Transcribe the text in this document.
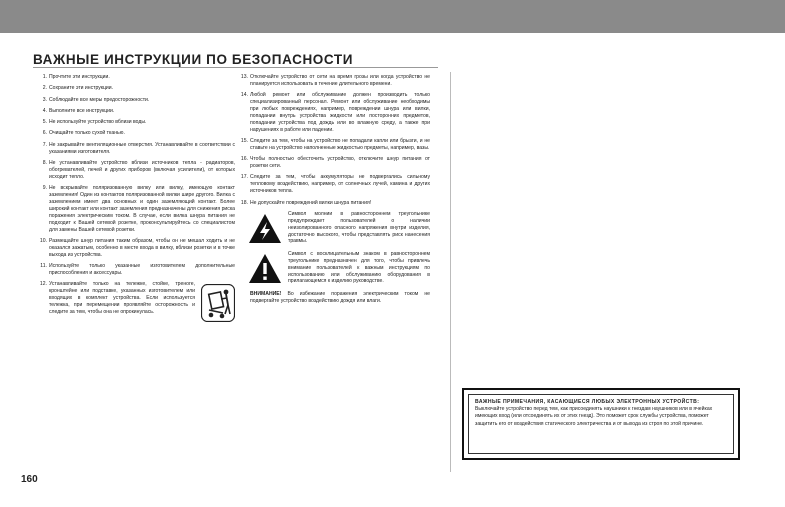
ВАЖНЫЕ ИНСТРУКЦИИ ПО БЕЗОПАСНОСТИ
1. Прочтите эти инструкции.
2. Сохраните эти инструкции.
3. Соблюдайте все меры предосторожности.
4. Выполните все инструкции.
5. Не используйте устройство вблизи воды.
6. Очищайте только сухой тканью.
7. Не закрывайте вентиляционные отверстия. Устанавливайте в соответствии с указаниями изготовителя.
8. Не устанавливайте устройство вблизи источников тепла - радиаторов, обогревателей, печей и других приборов (включая усилители), от которых исходит тепло.
9. Не вскрывайте поляризованную вилку или вилку, имеющую контакт заземления! Один из контактов поляризованной вилки шире другого. Вилка с заземлением имеет два основных и один заземляющий контакт. Более широкий контакт или контакт заземления предназначены для снижения риска поражения электрическим током. В случае, если вилка шнура питания не подходит к Вашей сетевой розетке, проконсультируйтесь со специалистом для замены Вашей сетевой розетки.
10. Размещайте шнур питания таким образом, чтобы он не мешал ходить и не оказался зажатым, особенно в месте входа в вилку, вблизи розетки и в точке выхода из устройства.
11. Используйте только указанные изготовителем дополнительные приспособления и аксессуары.
12. Устанавливайте только на тележке, стойке, треноге, кронштейне или подставке, указанных изготовителем или входящих в комплект устройства. Если используется тележка, при перемещении проявляйте осторожность и следите за тем, чтобы она не опрокинулась.
13. Отключайте устройство от сети на время грозы или когда устройство не планируется использовать в течение длительного времени.
14. Любой ремонт или обслуживание должен производить только специализированный персонал. Ремонт или обслуживание необходимы при любых повреждениях, например, повреждении шнура или вилки, попадании внутрь устройства жидкости или посторонних предметов, попадании устройства под дождь или во влажную среду, а также при нарушениях в работе или падении.
15. Следите за тем, чтобы на устройство не попадали капли или брызги, и не ставьте на устройство наполненные жидкостью предметы, например, вазы.
16. Чтобы полностью обесточить устройство, отключите шнур питания от розетки сети.
17. Следите за тем, чтобы аккумуляторы не подвергались сильному тепловому воздействию, например, от солнечных лучей, камина и других источников тепла.
18. Не допускайте повреждений вилки шнура питания!
Символ молнии в равностороннем треугольнике предупреждает пользователей о наличии неизолированного опасного напряжения внутри изделия, достаточно высокого, чтобы представлять риск нанесения травмы.
Символ с восклицательным знаком в равностороннем треугольнике предназначен для того, чтобы привлечь внимание пользователей к важным инструкциям по использованию или обслуживанию оборудования в прилагающемся к изделию руководстве.
ВНИМАНИЕ! Во избежание поражения электрическим током не подвергайте устройство воздействию дождя или влаги.
ВАЖНЫЕ ПРИМЕЧАНИЯ, КАСАЮЩИЕСЯ ЛЮБЫХ ЭЛЕКТРОННЫХ УСТРОЙСТВ:
Выключайте устройство перед тем, как присоединять наушники к гнездам наушников или в ячейках имеющих вход (или отсоединять их от этих гнезд). Это поможет срок службы устройства, поможет защитить его от воздействия статического электричества и от выхода из строя по этой причине.
160
